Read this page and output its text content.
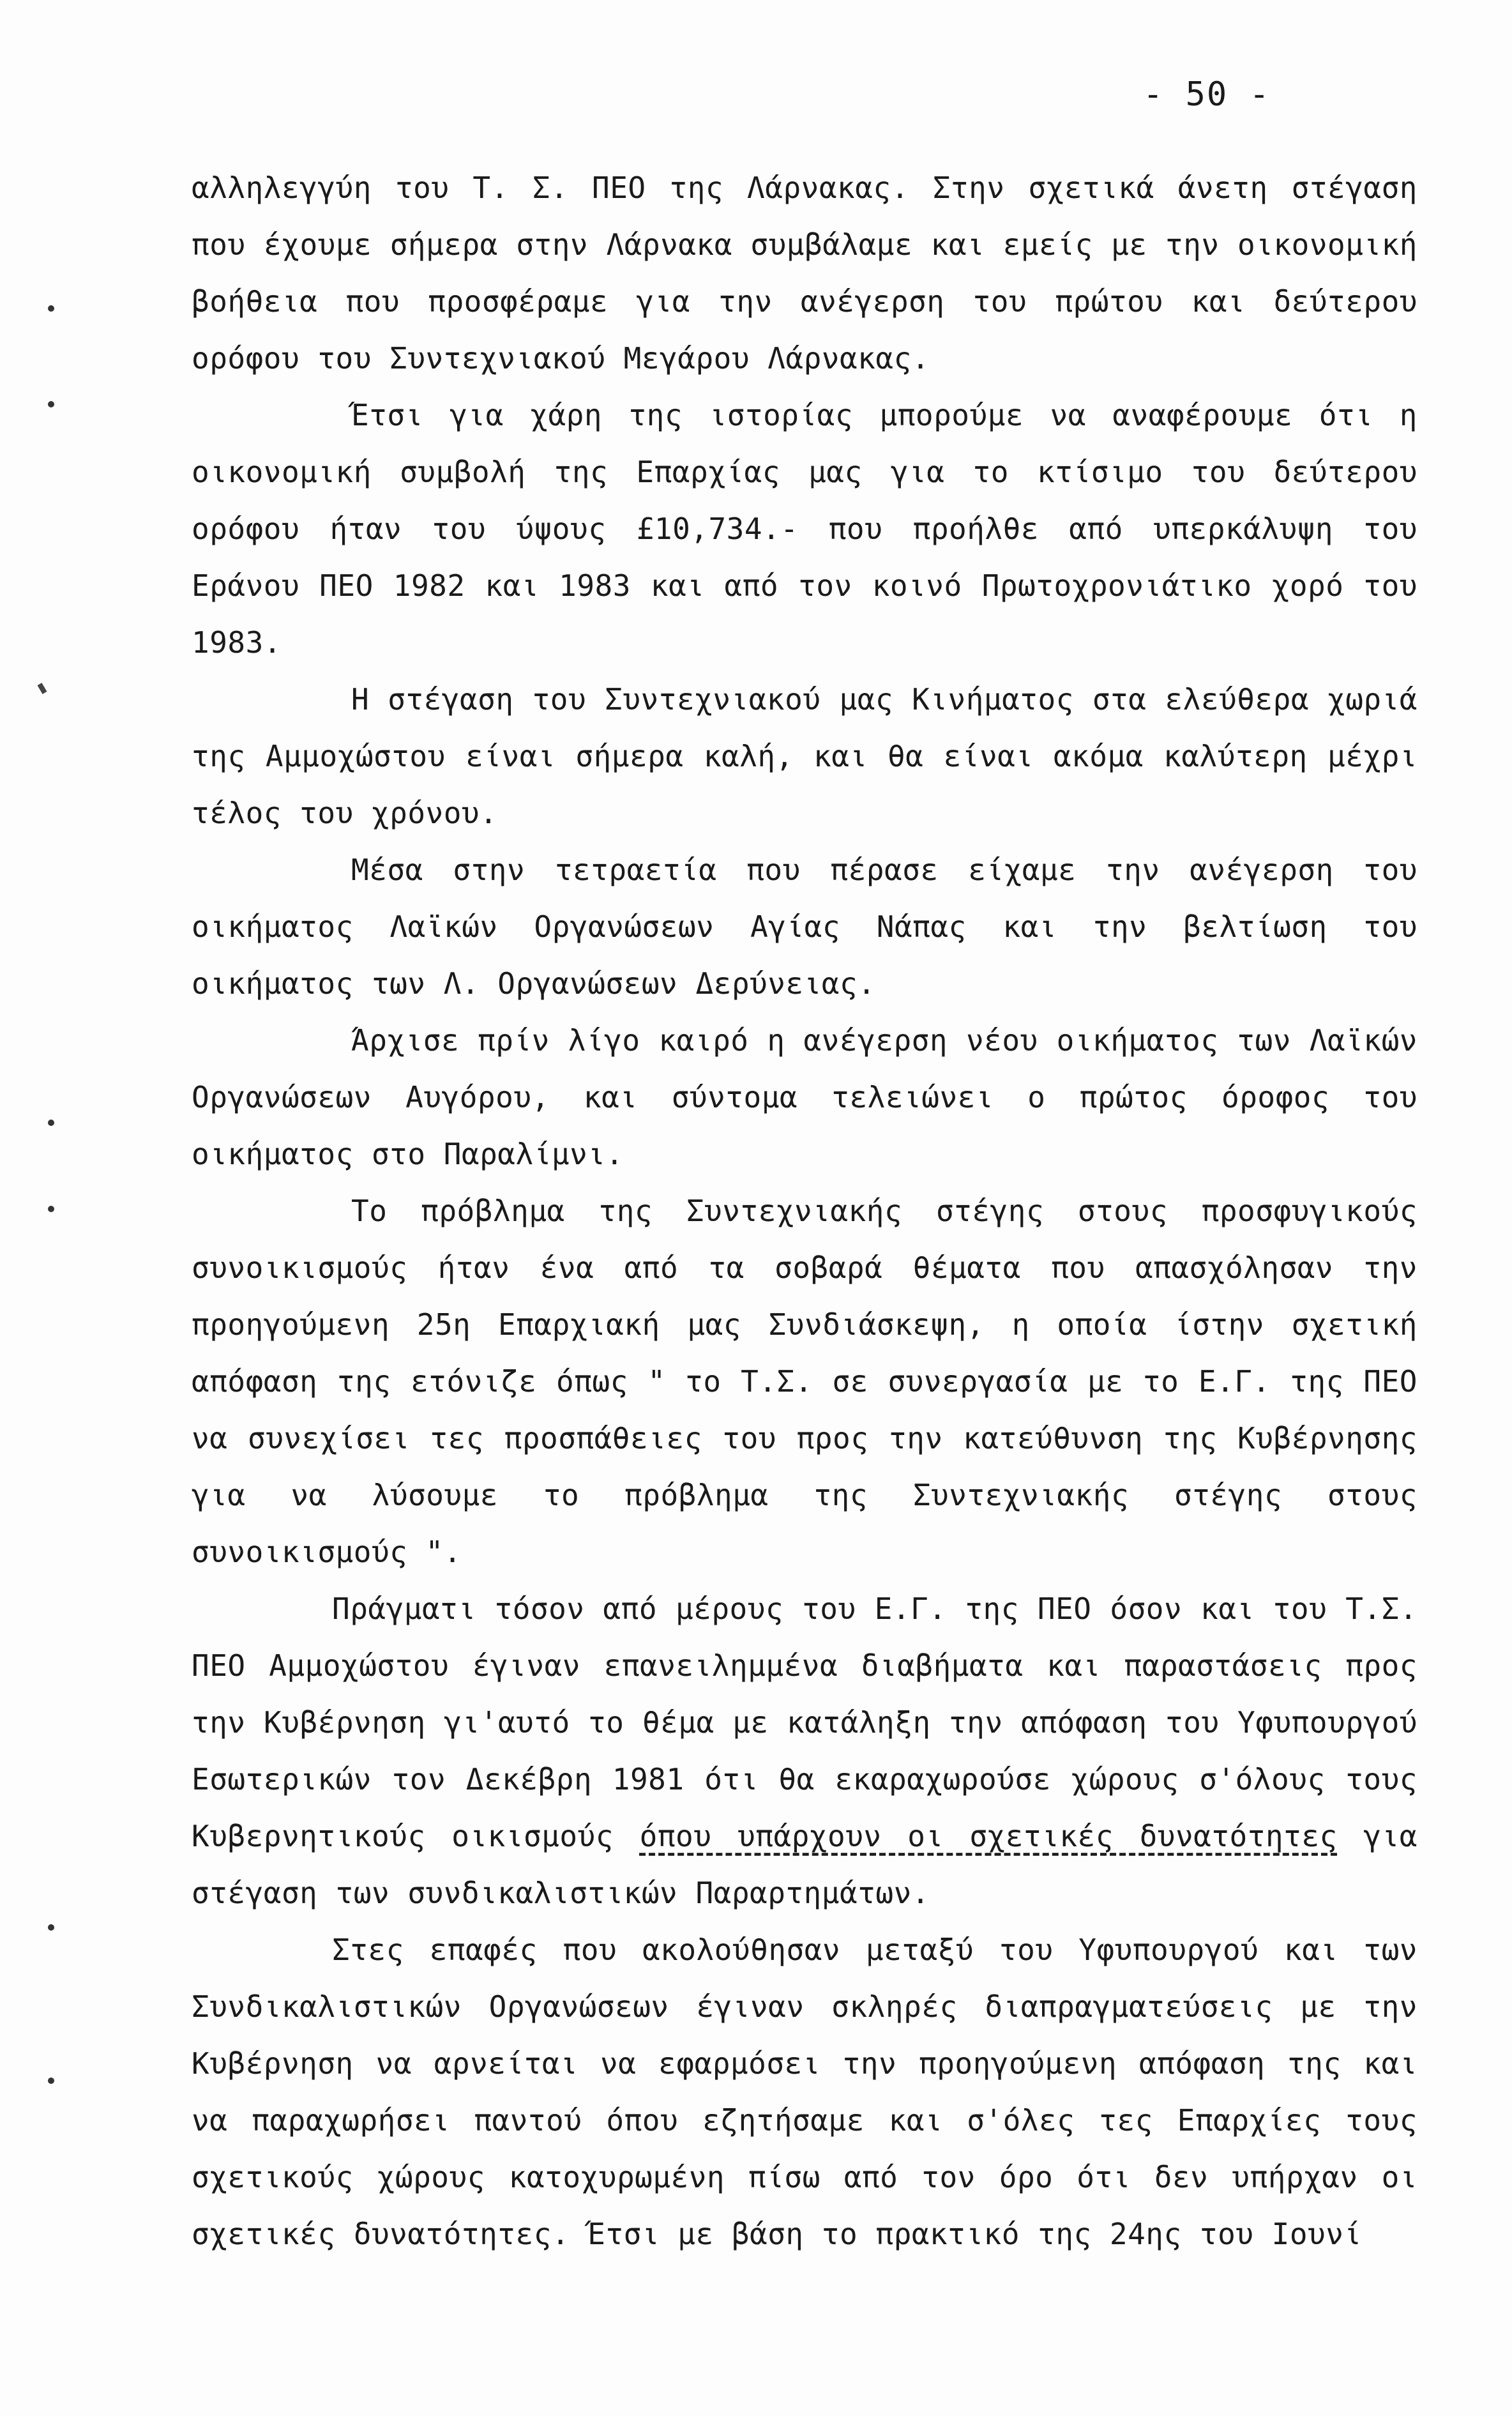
- 50 -

αλληλεγγύη του Τ. Σ. ΠΕΟ της Λάρνακας. Στην σχετικά άνετη στέγαση που έχουμε σήμερα στην Λάρνακα συμβάλαμε και εμείς με την οικονομική βοήθεια που προσφέραμε για την ανέγερση του πρώτου και δεύτερου ορόφου του Συντεχνιακού Μεγάρου Λάρνακας.

Έτσι για χάρη της ιστορίας μπορούμε να αναφέρουμε ότι η οικονομική συμβολή της Επαρχίας μας για το κτίσιμο του δεύτερου ορόφου ήταν του ύψους £10,734.- που προήλθε από υπερκάλυψη του Εράνου ΠΕΟ 1982 και 1983 και από τον κοινό Πρωτοχρονιάτικο χορό του 1983.

Η στέγαση του Συντεχνιακού μας Κινήματος στα ελεύθερα χωριά της Αμμοχώστου είναι σήμερα καλή, και θα είναι ακόμα καλύτερη μέχρι τέλος του χρόνου.

Μέσα στην τετραετία που πέρασε είχαμε την ανέγερση του οικήματος Λαϊκών Οργανώσεων Αγίας Νάπας και την βελτίωση του οικήματος των Λ. Οργανώσεων Δερύνειας.

Άρχισε πρίν λίγο καιρό η ανέγερση νέου οικήματος των Λαϊκών Οργανώσεων Αυγόρου, και σύντομα τελειώνει ο πρώτος όροφος του οικήματος στο Παραλίμνι.

Το πρόβλημα της Συντεχνιακής στέγης στους προσφυγικούς συνοικισμούς ήταν ένα από τα σοβαρά θέματα που απασχόλησαν την προηγούμενη 25η Επαρχιακή μας Συνδιάσκεψη, η οποία ίστην σχετική απόφαση της ετόνιζε όπως " το Τ.Σ. σε συνεργασία με το Ε.Γ. της ΠΕΟ να συνεχίσει τες προσπάθειες του προς την κατεύθυνση της Κυβέρνησης για να λύσουμε το πρόβλημα της Συντεχνιακής στέγης στους συνοικισμούς ".

Πράγματι τόσον από μέρους του Ε.Γ. της ΠΕΟ όσον και του Τ.Σ. ΠΕΟ Αμμοχώστου έγιναν επανειλημμένα διαβήματα και παραστάσεις προς την Κυβέρνηση γι'αυτό το θέμα με κατάληξη την απόφαση του Υφυπουργού Εσωτερικών τον Δεκέβρη 1981 ότι θα εκαραχωρούσε χώρους σ'όλους τους Κυβερνητικούς οικισμούς όπου υπάρχουν οι σχετικές δυνατότητες για στέγαση των συνδικαλιστικών Παραρτημάτων.

Στες επαφές που ακολούθησαν μεταξύ του Υφυπουργού και των Συνδικαλιστικών Οργανώσεων έγιναν σκληρές διαπραγματεύσεις με την Κυβέρνηση να αρνείται να εφαρμόσει την προηγούμενη απόφαση της και να παραχωρήσει παντού όπου εζητήσαμε και σ'όλες τες Επαρχίες τους σχετικούς χώρους κατοχυρωμένη πίσω από τον όρο ότι δεν υπήρχαν οι σχετικές δυνατότητες. Έτσι με βάση το πρακτικό της 24ης του Ιουνί
